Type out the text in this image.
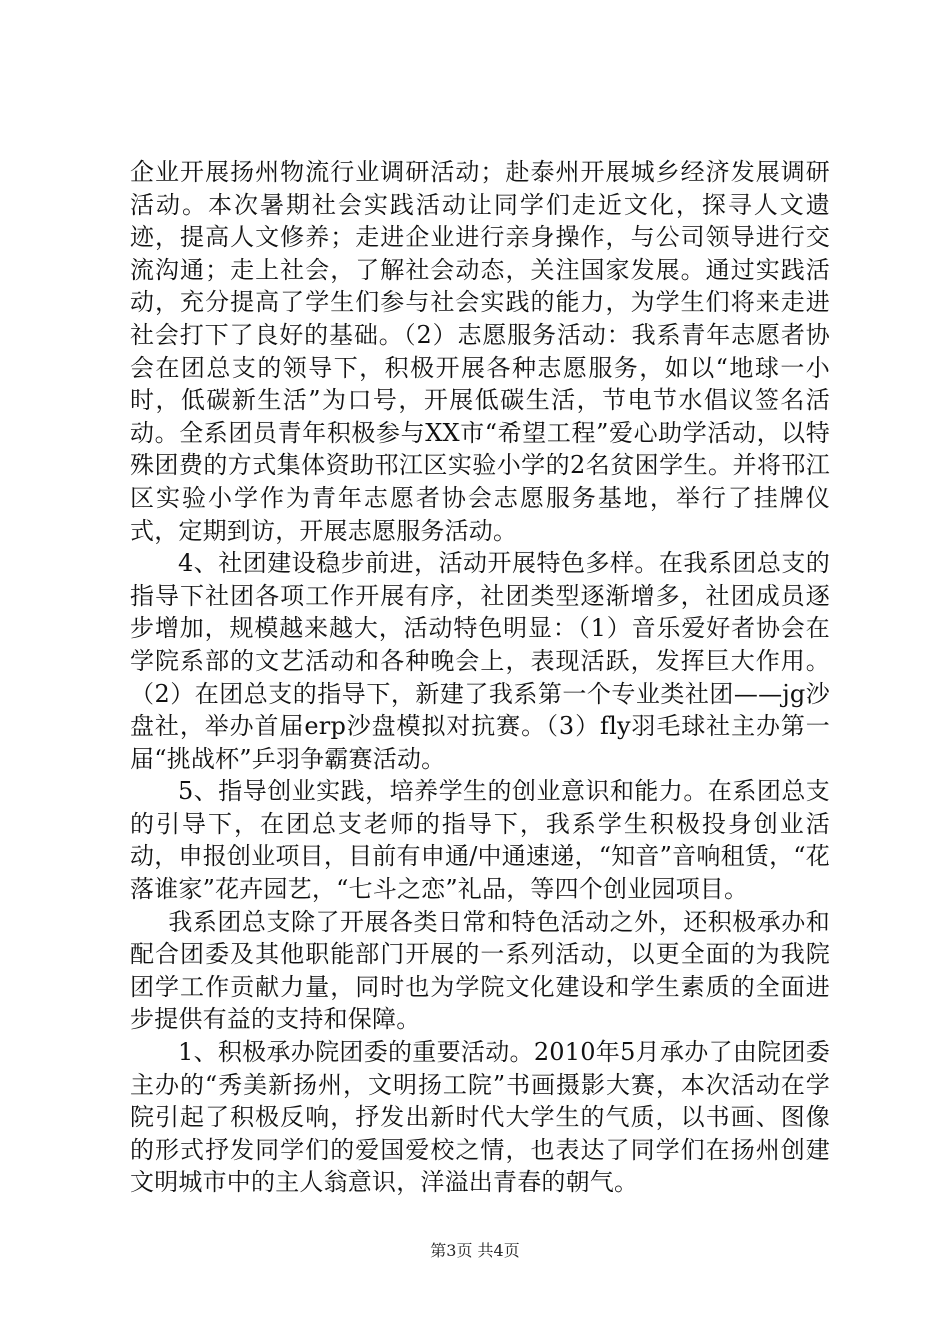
企业开展扬州物流行业调研活动；赴泰州开展城乡经济发展调研活动。本次暑期社会实践活动让同学们走近文化，探寻人文遗迹，提高人文修养；走进企业进行亲身操作，与公司领导进行交流沟通；走上社会，了解社会动态，关注国家发展。通过实践活动，充分提高了学生们参与社会实践的能力，为学生们将来走进社会打下了良好的基础。（2）志愿服务活动：我系青年志愿者协会在团总支的领导下，积极开展各种志愿服务，如以“地球一小时，低碳新生活”为口号，开展低碳生活，节电节水倡议签名活动。全系团员青年积极参与XX市“希望工程”爱心助学活动，以特殊团费的方式集体资助邗江区实验小学的2名贫困学生。并将邗江区实验小学作为青年志愿者协会志愿服务基地，举行了挂牌仪式，定期到访，开展志愿服务活动。

4、社团建设稳步前进，活动开展特色多样。在我系团总支的指导下社团各项工作开展有序，社团类型逐渐增多，社团成员逐步增加，规模越来越大，活动特色明显：（1）音乐爱好者协会在学院系部的文艺活动和各种晚会上，表现活跃，发挥巨大作用。（2）在团总支的指导下，新建了我系第一个专业类社团——jg沙盘社，举办首届erp沙盘模拟对抗赛。（3）fly羽毛球社主办第一届“挑战杯”乒羽争霸赛活动。

5、指导创业实践，培养学生的创业意识和能力。在系团总支的引导下，在团总支老师的指导下，我系学生积极投身创业活动，申报创业项目，目前有申通/中通速递，“知音”音响租赁，“花落谁家”花卉园艺，“七斗之恋”礼品，等四个创业园项目。

我系团总支除了开展各类日常和特色活动之外，还积极承办和配合团委及其他职能部门开展的一系列活动，以更全面的为我院团学工作贡献力量，同时也为学院文化建设和学生素质的全面进步提供有益的支持和保障。

1、积极承办院团委的重要活动。2010年5月承办了由院团委主办的“秀美新扬州，文明扬工院”书画摄影大赛，本次活动在学院引起了积极反响，抒发出新时代大学生的气质，以书画、图像的形式抒发同学们的爱国爱校之情，也表达了同学们在扬州创建文明城市中的主人翁意识，洋溢出青春的朝气。

第3页 共4页
